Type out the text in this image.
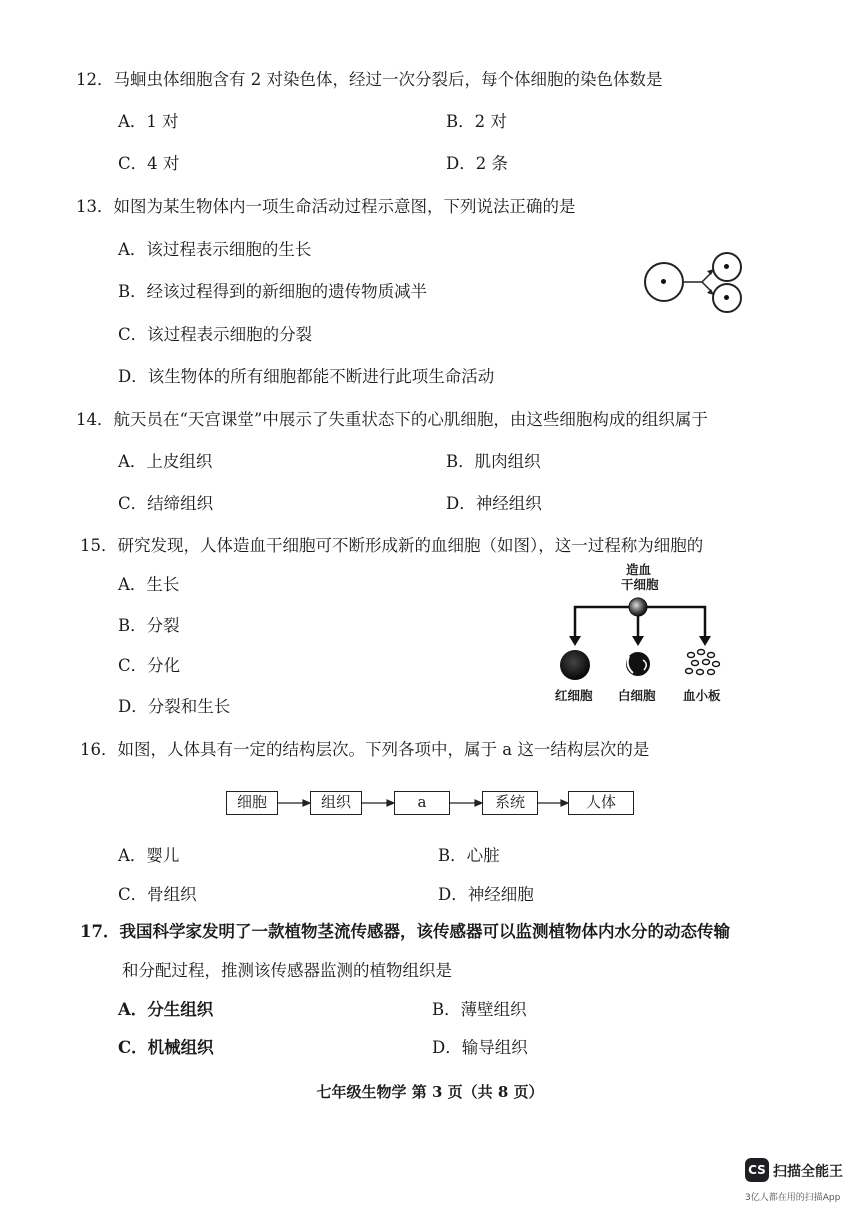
12．马蛔虫体细胞含有 2 对染色体，经过一次分裂后，每个体细胞的染色体数是
A．1 对	B．2 对
C．4 对	D．2 条
13．如图为某生物体内一项生命活动过程示意图，下列说法正确的是
A．该过程表示细胞的生长
B．经该过程得到的新细胞的遗传物质减半
C．该过程表示细胞的分裂
D．该生物体的所有细胞都能不断进行此项生命活动
14．航天员在“天宫课堂”中展示了失重状态下的心肌细胞，由这些细胞构成的组织属于
A．上皮组织	B．肌肉组织
C．结缔组织	D．神经组织
15．研究发现，人体造血干细胞可不断形成新的血细胞（如图），这一过程称为细胞的
A．生长
B．分裂
C．分化
D．分裂和生长
造血
干细胞
红细胞 白细胞 血小板
16．如图，人体具有一定的结构层次。下列各项中，属于 a 这一结构层次的是
细胞	组织	a	系统	人体
A．婴儿	B．心脏
C．骨组织	D．神经细胞
17．我国科学家发明了一款植物茎流传感器，该传感器可以监测植物体内水分的动态传输
和分配过程，推测该传感器监测的植物组织是
A．分生组织	B．薄壁组织
C．机械组织	D．输导组织
七年级生物学 第 3 页（共 8 页）
CS 扫描全能王
3亿人都在用的扫描App
